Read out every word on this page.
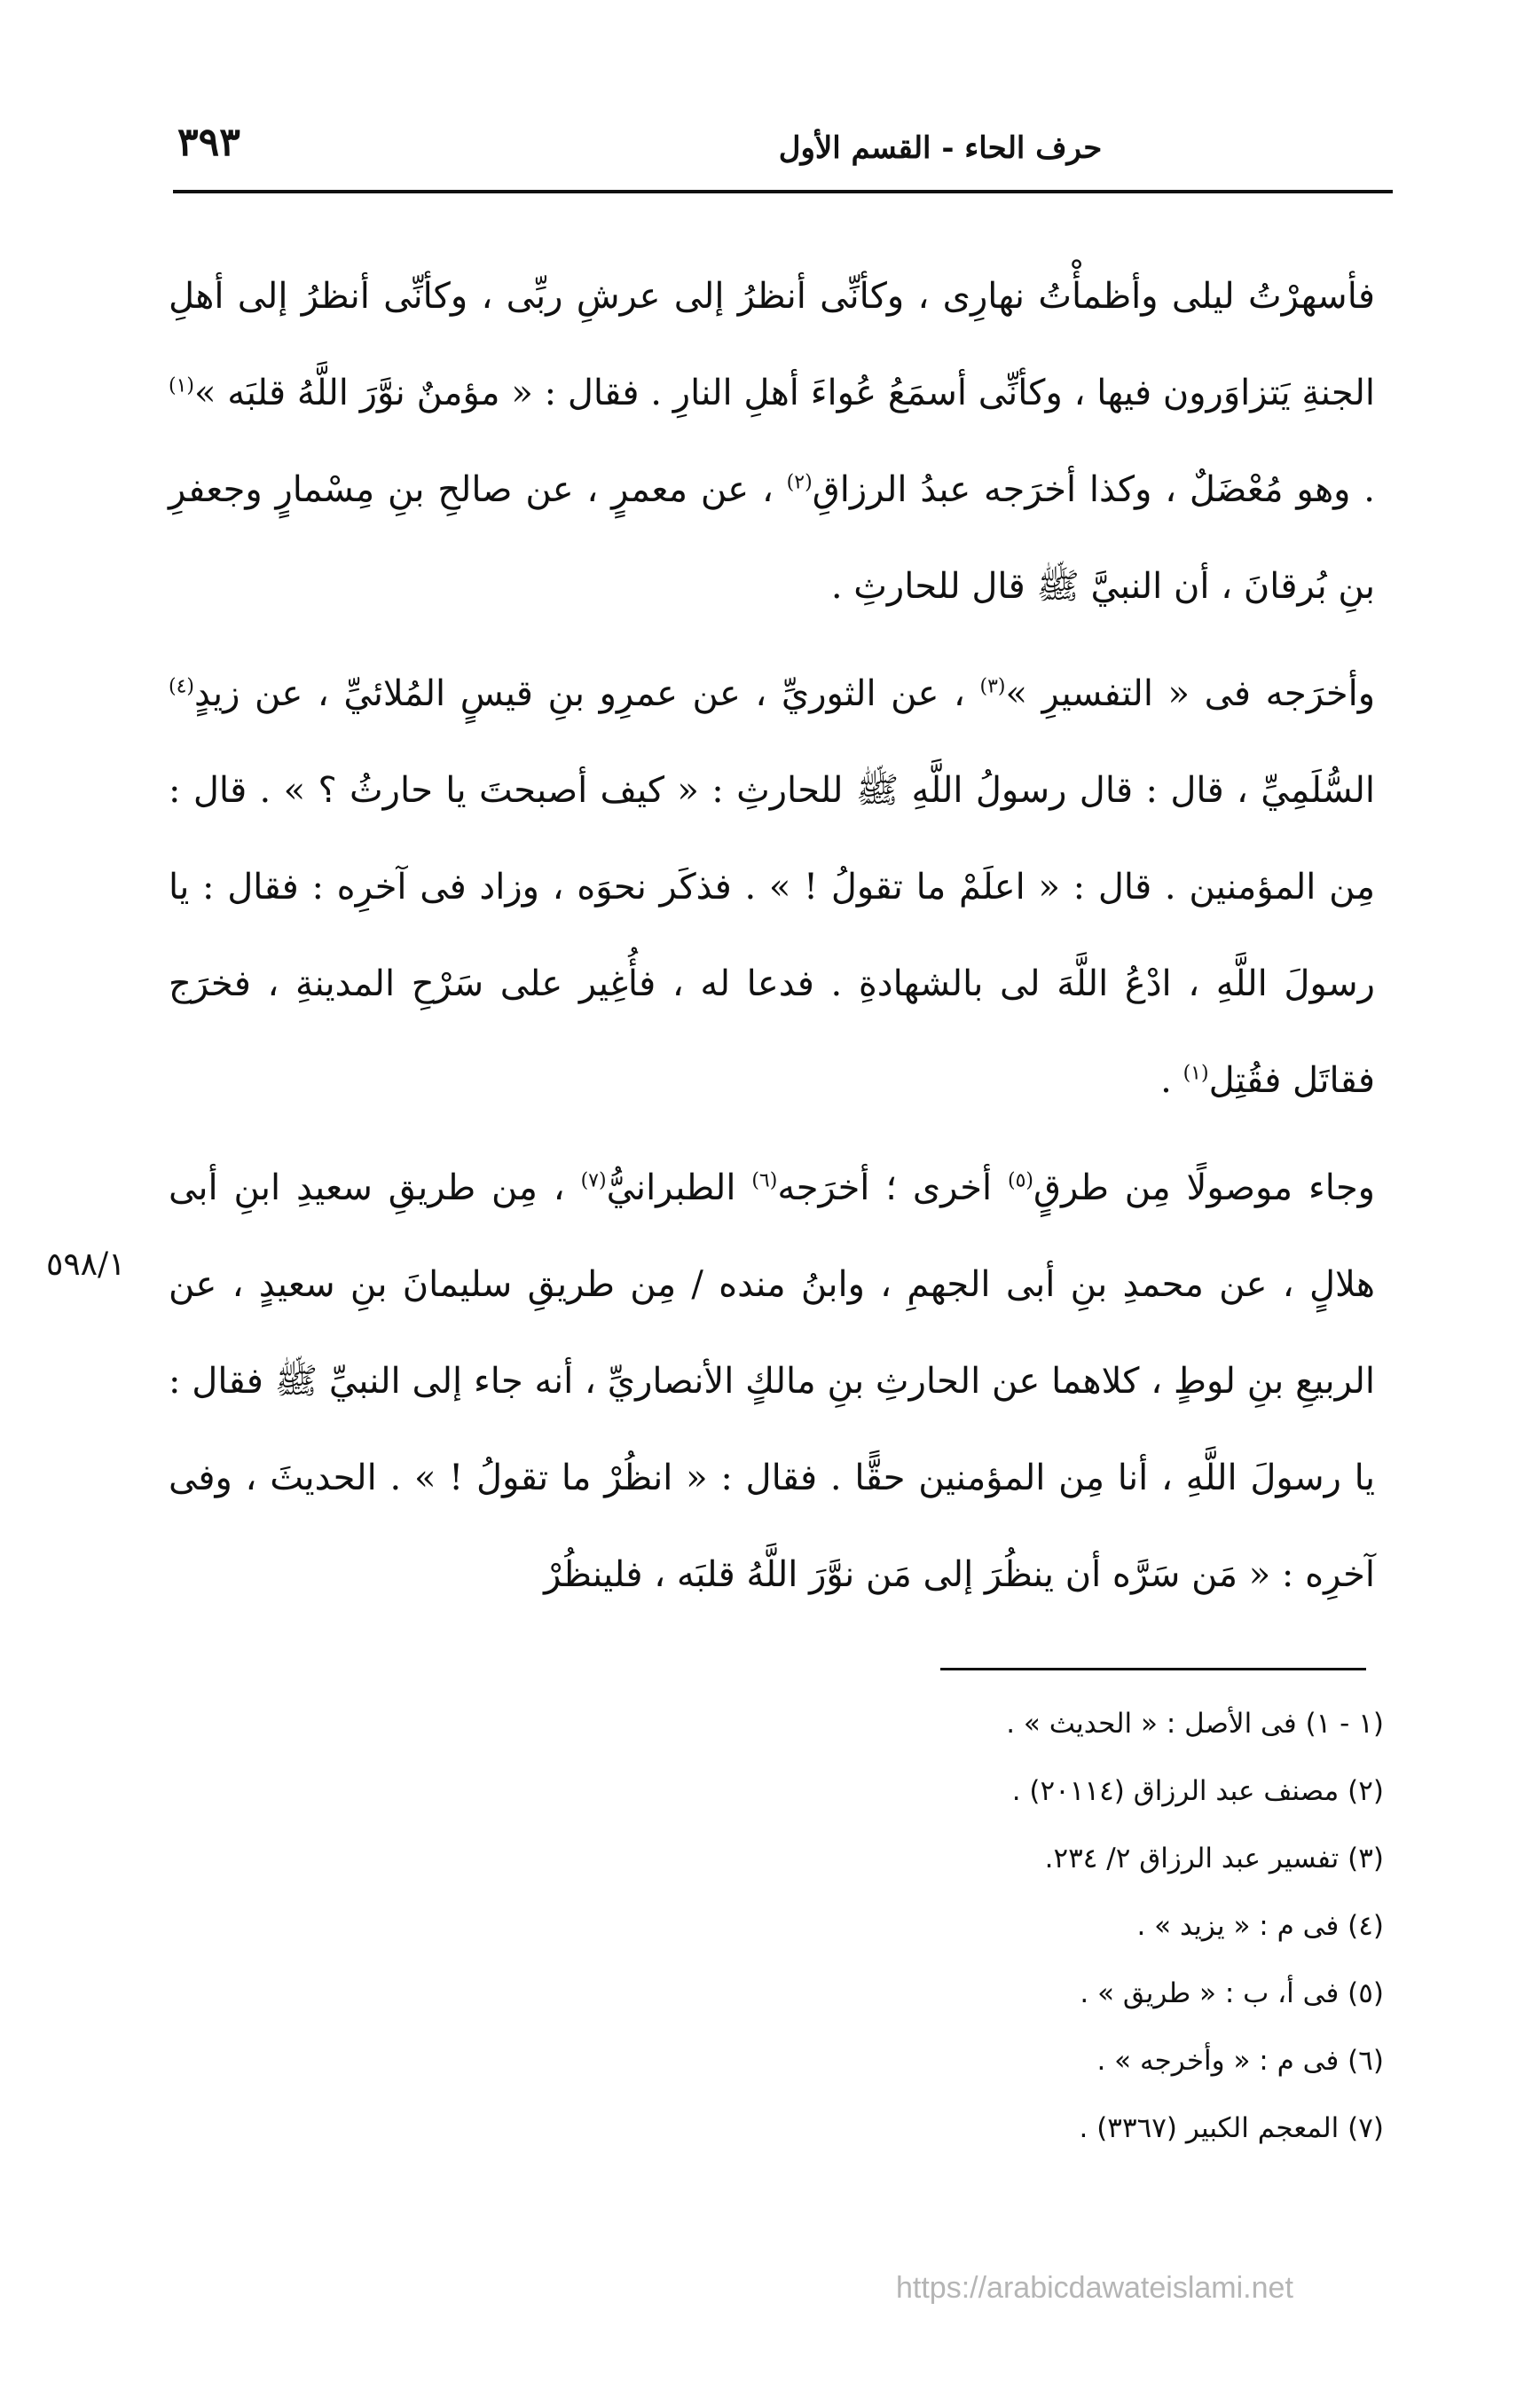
٣٩٣	حرف الحاء - القسم الأول

فأسهرْتُ ليلى وأظمأْتُ نهارِى ، وكأنِّى أنظرُ إلى عرشِ ربِّى ، وكأنِّى أنظرُ إلى أهلِ الجنةِ يَتزاوَرون فيها ، وكأنِّى أسمَعُ عُواءَ أهلِ النارِ . فقال : « مؤمنٌ نوَّرَ اللَّهُ قلبَه »$^{(١)}$ . وهو مُعْضَلٌ ، وكذا أخرَجه عبدُ الرزاقِ$^{(٢)}$ ، عن معمرٍ ، عن صالحِ بنِ مِسْمارٍ وجعفرِ بنِ بُرقانَ ، أن النبيَّ ﷺ قال للحارثِ .

وأخرَجه فى « التفسيرِ »$^{(٣)}$ ، عن الثوريِّ ، عن عمرِو بنِ قيسٍ المُلائيِّ ، عن زيدٍ$^{(٤)}$ السُّلَمِيِّ ، قال : قال رسولُ اللَّهِ ﷺ للحارثِ : « كيف أصبحتَ يا حارثُ ؟ » . قال : مِن المؤمنين . قال : « اعلَمْ ما تقولُ ! » . فذكَر نحوَه ، وزاد فى آخرِه : فقال : يا رسولَ اللَّهِ ، ادْعُ اللَّهَ لى بالشهادةِ . فدعا له ، فأُغِير على سَرْحِ المدينةِ ، فخرَج فقاتَل فقُتِل$^{(١)}$ .

وجاء موصولًا مِن طرقٍ$^{(٥)}$ أخرى ؛ أخرَجه$^{(٦)}$ الطبرانيُّ$^{(٧)}$ ، مِن طريقِ سعيدِ ابنِ أبى هلالٍ ، عن محمدِ بنِ أبى الجهمِ ، وابنُ منده / مِن طريقِ سليمانَ بنِ سعيدٍ ، عن الربيعِ بنِ لوطٍ ، كلاهما عن الحارثِ بنِ مالكٍ الأنصاريِّ ، أنه جاء إلى النبيِّ ﷺ فقال : يا رسولَ اللَّهِ ، أنا مِن المؤمنين حقًّا . فقال : « انظُرْ ما تقولُ ! » . الحديثَ ، وفى آخرِه : « مَن سَرَّه أن ينظُرَ إلى مَن نوَّرَ اللَّهُ قلبَه ، فلينظُرْ

٥٩٨/١
(١ - ١) فى الأصل : « الحديث » .
(٢) مصنف عبد الرزاق (٢٠١١٤) .
(٣) تفسير عبد الرزاق ٢/ ٢٣٤.
(٤) فى م : « يزيد » .
(٥) فى أ، ب : « طريق » .
(٦) فى م : « وأخرجه » .
(٧) المعجم الكبير (٣٣٦٧) .
https://arabicdawateislami.net
